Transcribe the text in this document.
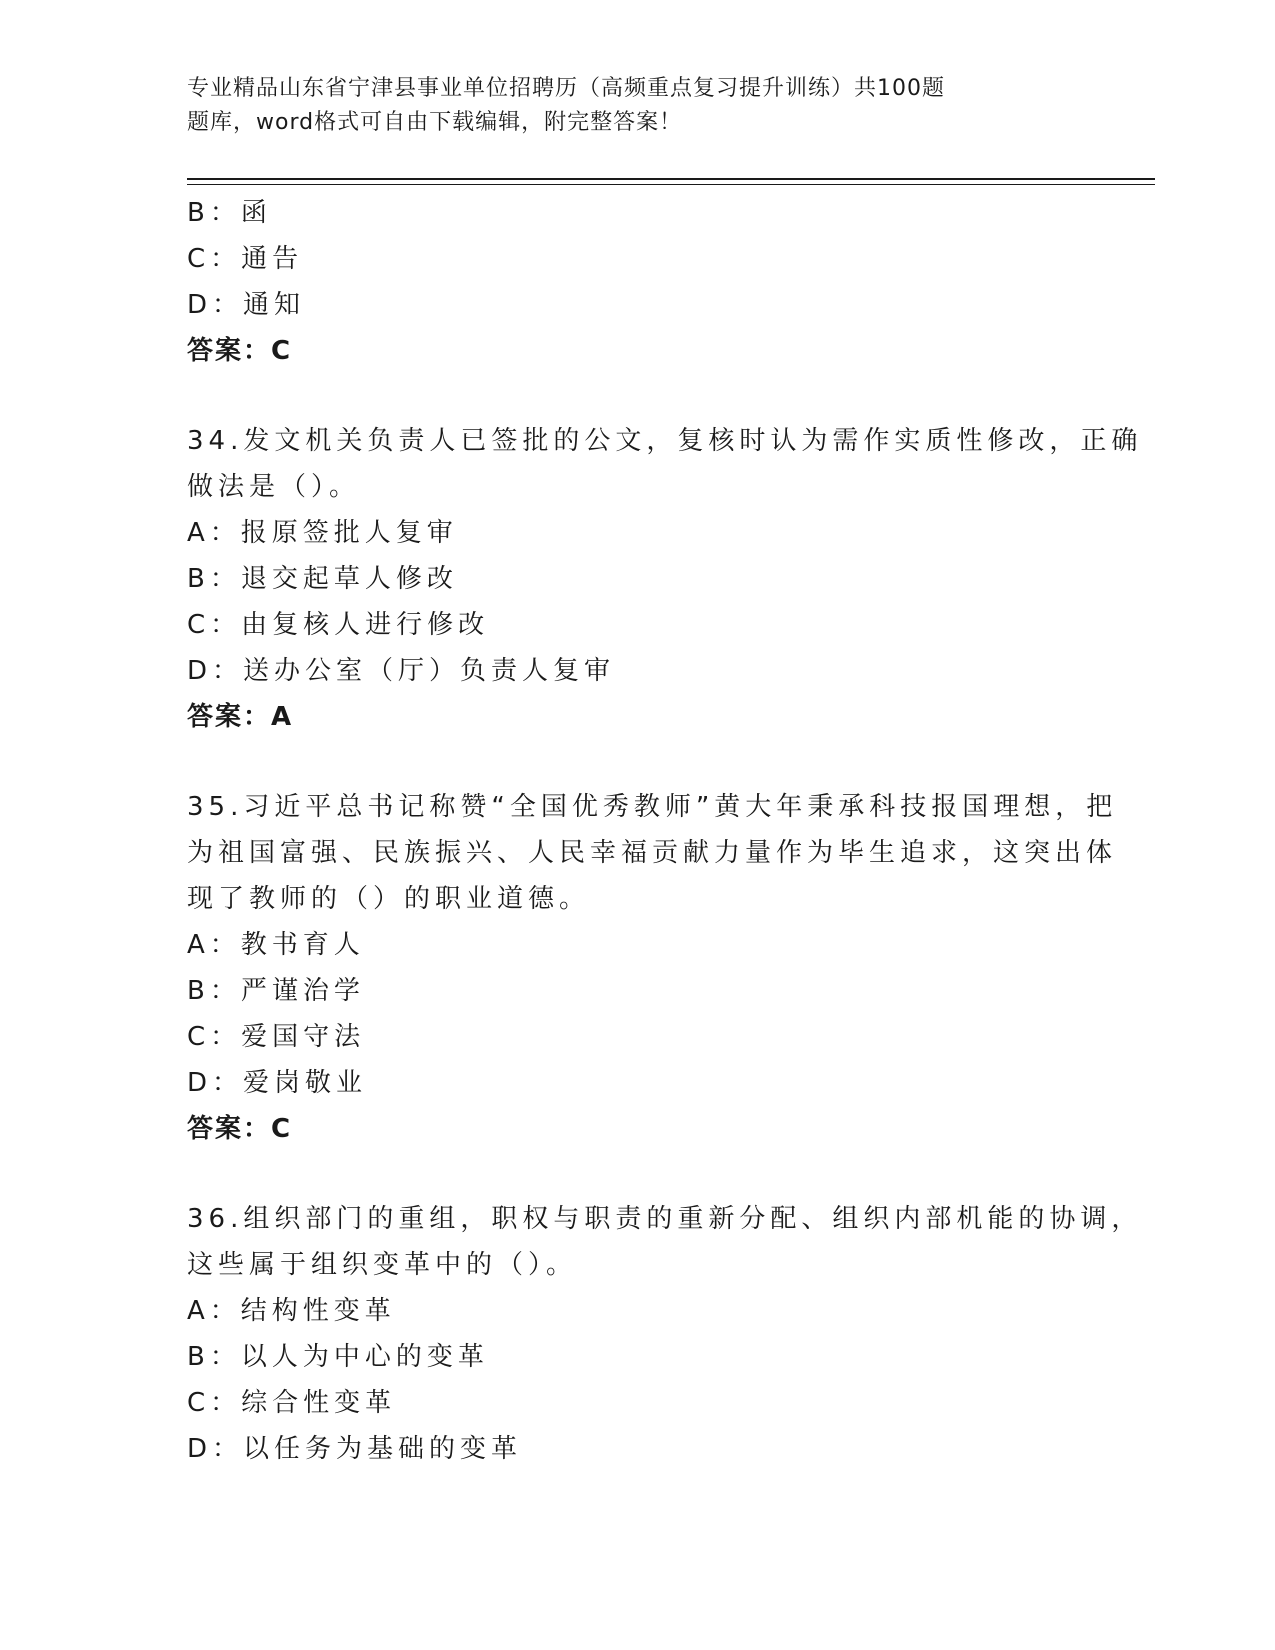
专业精品山东省宁津县事业单位招聘历（高频重点复习提升训练）共100题
题库，word格式可自由下载编辑，附完整答案！
B：函
C：通告
D：通知
答案：C
34.发文机关负责人已签批的公文，复核时认为需作实质性修改，正确
做法是（）。
A：报原签批人复审
B：退交起草人修改
C：由复核人进行修改
D：送办公室（厅）负责人复审
答案：A
35.习近平总书记称赞“全国优秀教师”黄大年秉承科技报国理想，把
为祖国富强、民族振兴、人民幸福贡献力量作为毕生追求，这突出体
现了教师的（）的职业道德。
A：教书育人
B：严谨治学
C：爱国守法
D：爱岗敬业
答案：C
36.组织部门的重组，职权与职责的重新分配、组织内部机能的协调，
这些属于组织变革中的（）。
A：结构性变革
B：以人为中心的变革
C：综合性变革
D：以任务为基础的变革
